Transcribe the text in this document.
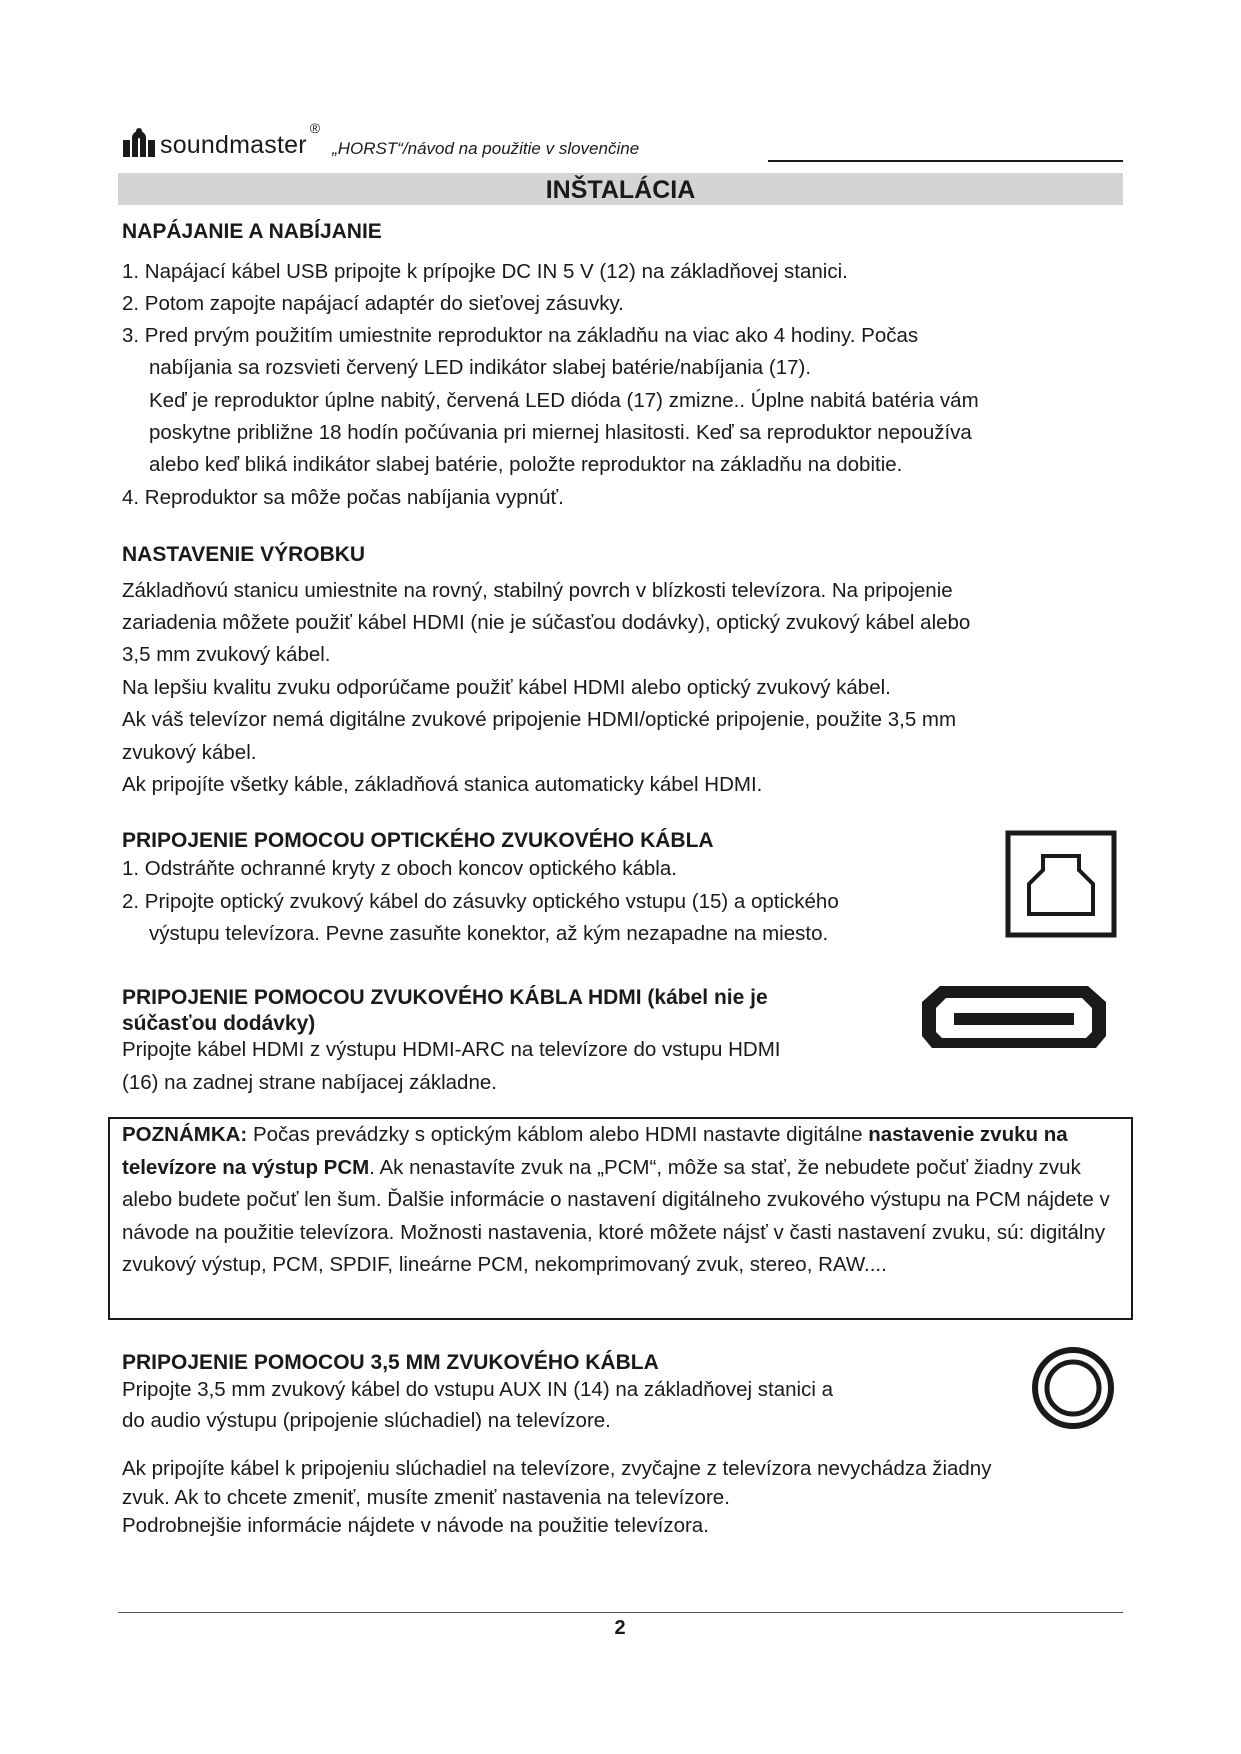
soundmaster
®
„HORST“/návod na použitie v slovenčine
INŠTALÁCIA
NAPÁJANIE A NABÍJANIE
1. Napájací kábel USB pripojte k prípojke DC IN 5 V (12) na základňovej stanici.
2. Potom zapojte napájací adaptér do sieťovej zásuvky.
3. Pred prvým použitím umiestnite reproduktor na základňu na viac ako 4 hodiny. Počas
nabíjania sa rozsvieti červený LED indikátor slabej batérie/nabíjania (17).
Keď je reproduktor úplne nabitý, červená LED dióda (17) zmizne.. Úplne nabitá batéria vám
poskytne približne 18 hodín počúvania pri miernej hlasitosti. Keď sa reproduktor nepoužíva
alebo keď bliká indikátor slabej batérie, položte reproduktor na základňu na dobitie.
4. Reproduktor sa môže počas nabíjania vypnúť.
NASTAVENIE VÝROBKU
Základňovú stanicu umiestnite na rovný, stabilný povrch v blízkosti televízora. Na pripojenie
zariadenia môžete použiť kábel HDMI (nie je súčasťou dodávky), optický zvukový kábel alebo
3,5 mm zvukový kábel.
Na lepšiu kvalitu zvuku odporúčame použiť kábel HDMI alebo optický zvukový kábel.
Ak váš televízor nemá digitálne zvukové pripojenie HDMI/optické pripojenie, použite 3,5 mm
zvukový kábel.
Ak pripojíte všetky káble, základňová stanica automaticky kábel HDMI.
PRIPOJENIE POMOCOU OPTICKÉHO ZVUKOVÉHO KÁBLA
1. Odstráňte ochranné kryty z oboch koncov optického kábla.
2. Pripojte optický zvukový kábel do zásuvky optického vstupu (15) a optického
výstupu televízora. Pevne zasuňte konektor, až kým nezapadne na miesto.
PRIPOJENIE POMOCOU ZVUKOVÉHO KÁBLA HDMI (kábel nie je
súčasťou dodávky)
Pripojte kábel HDMI z výstupu HDMI-ARC na televízore do vstupu HDMI
(16) na zadnej strane nabíjacej základne.
POZNÁMKA: Počas prevádzky s optickým káblom alebo HDMI nastavte digitálne nastavenie zvuku na televízore na výstup PCM. Ak nenastavíte zvuk na „PCM“, môže sa stať, že nebudete počuť žiadny zvuk alebo budete počuť len šum. Ďalšie informácie o nastavení digitálneho zvukového výstupu na PCM nájdete v návode na použitie televízora. Možnosti nastavenia, ktoré môžete nájsť v časti nastavení zvuku, sú: digitálny zvukový výstup, PCM, SPDIF, lineárne PCM, nekomprimovaný zvuk, stereo, RAW....
PRIPOJENIE POMOCOU 3,5 MM ZVUKOVÉHO KÁBLA
Pripojte 3,5 mm zvukový kábel do vstupu AUX IN (14) na základňovej stanici a
do audio výstupu (pripojenie slúchadiel) na televízore.
Ak pripojíte kábel k pripojeniu slúchadiel na televízore, zvyčajne z televízora nevychádza žiadny
zvuk. Ak to chcete zmeniť, musíte zmeniť nastavenia na televízore.
Podrobnejšie informácie nájdete v návode na použitie televízora.
2
